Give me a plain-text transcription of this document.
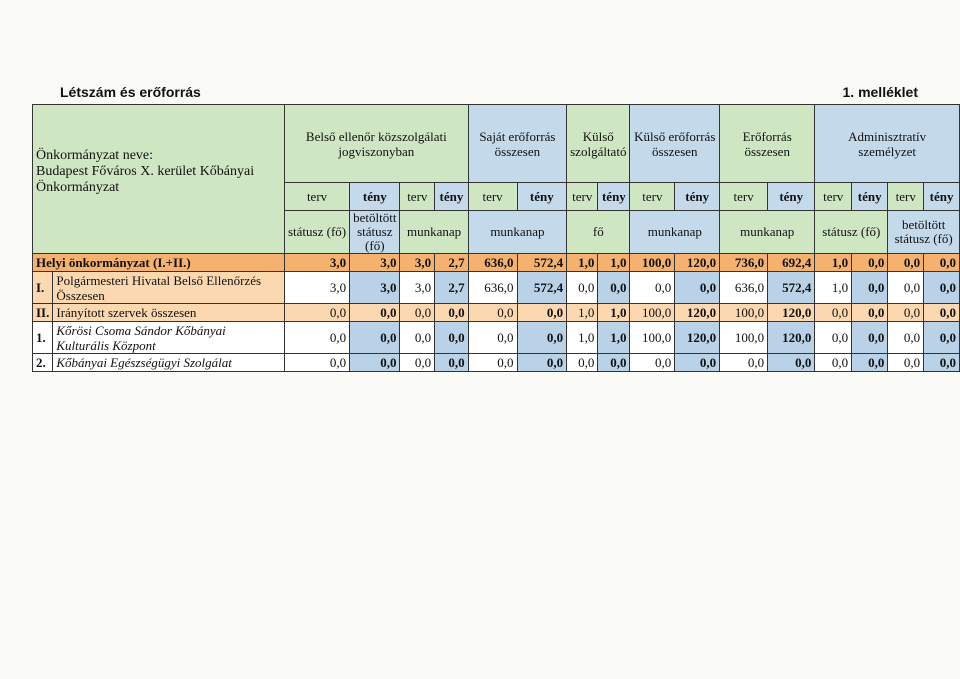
Létszám és erőforrás	1. melléklet
Önkormányzat neve:
Budapest Főváros X. kerület Kőbányai Önkormányzat		Belső ellenőr közszolgálati jogviszonyban				Saját erőforrás összesen		Külső szolgáltató		Külső erőforrás összesen		Erőforrás összesen		Adminisztratív személyzet			
		terv	tény	terv	tény	terv	tény	terv	tény	terv	tény	terv	tény	terv	tény	terv	tény
		státusz (fő)	betöltött státusz (fő)	munkanap		munkanap		fő		munkanap		munkanap		státusz (fő)		betöltött státusz (fő)	
Helyi önkormányzat (I.+II.)		3,0	3,0	3,0	2,7	636,0	572,4	1,0	1,0	100,0	120,0	736,0	692,4	1,0	0,0	0,0	0,0
I.	Polgármesteri Hivatal Belső Ellenőrzés Összesen	3,0	3,0	3,0	2,7	636,0	572,4	0,0	0,0	0,0	0,0	636,0	572,4	1,0	0,0	0,0	0,0
II.	Irányított szervek összesen	0,0	0,0	0,0	0,0	0,0	0,0	1,0	1,0	100,0	120,0	100,0	120,0	0,0	0,0	0,0	0,0
1.	Kőrösi Csoma Sándor Kőbányai Kulturális Központ	0,0	0,0	0,0	0,0	0,0	0,0	1,0	1,0	100,0	120,0	100,0	120,0	0,0	0,0	0,0	0,0
2.	Kőbányai Egészségügyi Szolgálat	0,0	0,0	0,0	0,0	0,0	0,0	0,0	0,0	0,0	0,0	0,0	0,0	0,0	0,0	0,0	0,0
